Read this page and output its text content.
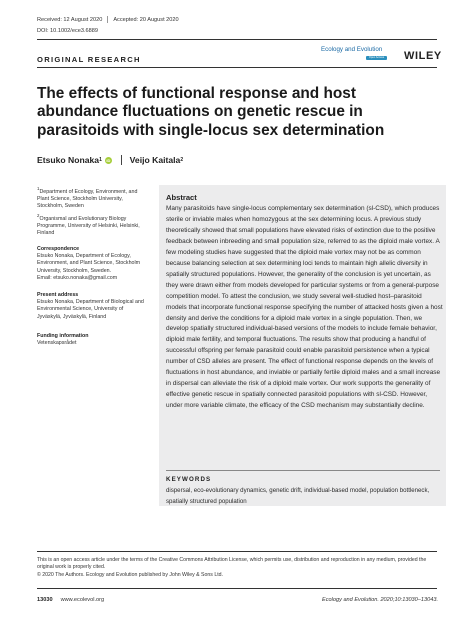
Received: 12 August 2020 Accepted: 20 August 2020
DOI: 10.1002/ece3.6889
ORIGINAL RESEARCH
Ecology and Evolution
Open Access WILEY
The effects of functional response and host abundance fluctuations on genetic rescue in parasitoids with single-locus sex determination
Etsuko Nonaka 1	iD Veijo Kaitala 2

$^1$Department of Ecology, Environment, and Plant Science, Stockholm University, Stockholm, Sweden

$^2$Organismal and Evolutionary Biology Programme, University of Helsinki, Helsinki, Finland

Correspondence

Etsuko Nonaka, Department of Ecology, Environment, and Plant Science, Stockholm University, Stockholm, Sweden.

Email: etsuko.nonaka@gmail.com

Present address

Etsuko Nonaka, Department of Biological and Environmental Science, University of Jyväskylä, Jyväskylä, Finland

Funding information

Vetenskapsrådet

Abstract
Many parasitoids have single-locus complementary sex determination (sl-CSD), which produces sterile or inviable males when homozygous at the sex determining locus. A previous study theoretically showed that small populations have elevated risks of extinction due to the positive feedback between inbreeding and small population size, referred to as the diploid male vortex. A few modeling studies have suggested that the diploid male vortex may not be as common because balancing selection at sex determining loci tends to maintain high allelic diversity in spatially structured populations. However, the generality of the conclusion is yet uncertain, as they were drawn either from models developed for particular systems or from a general-purpose competition model. To attest the conclusion, we study several well-studied host–parasitoid models that incorporate functional response specifying the number of attacked hosts given a host density and derive the conditions for a diploid male vortex in a single population. Then, we develop spatially structured individual-based versions of the models to include female behavior, diploid male fertility, and temporal fluctuations. The results show that producing a handful of successful offspring per female parasitoid could enable parasitoid persistence when a typical number of CSD alleles are present. The effect of functional response depends on the levels of fluctuations in host abundance, and inviable or partially fertile diploid males and a small increase in dispersal can alleviate the risk of a diploid male vortex. Our work supports the generality of effective genetic rescue in spatially connected parasitoid populations with sl-CSD. However, under more variable climate, the efficacy of the CSD mechanism may substantially decline.
KEYWORDS
dispersal, eco-evolutionary dynamics, genetic drift, individual-based model, population bottleneck, spatially structured population
This is an open access article under the terms of the Creative Commons Attribution License, which permits use, distribution and reproduction in any medium, provided the original work is properly cited.
© 2020 The Authors. Ecology and Evolution published by John Wiley & Sons Ltd.
13030 www.ecolevol.org	Ecology and Evolution. 2020;10:13030–13043.
